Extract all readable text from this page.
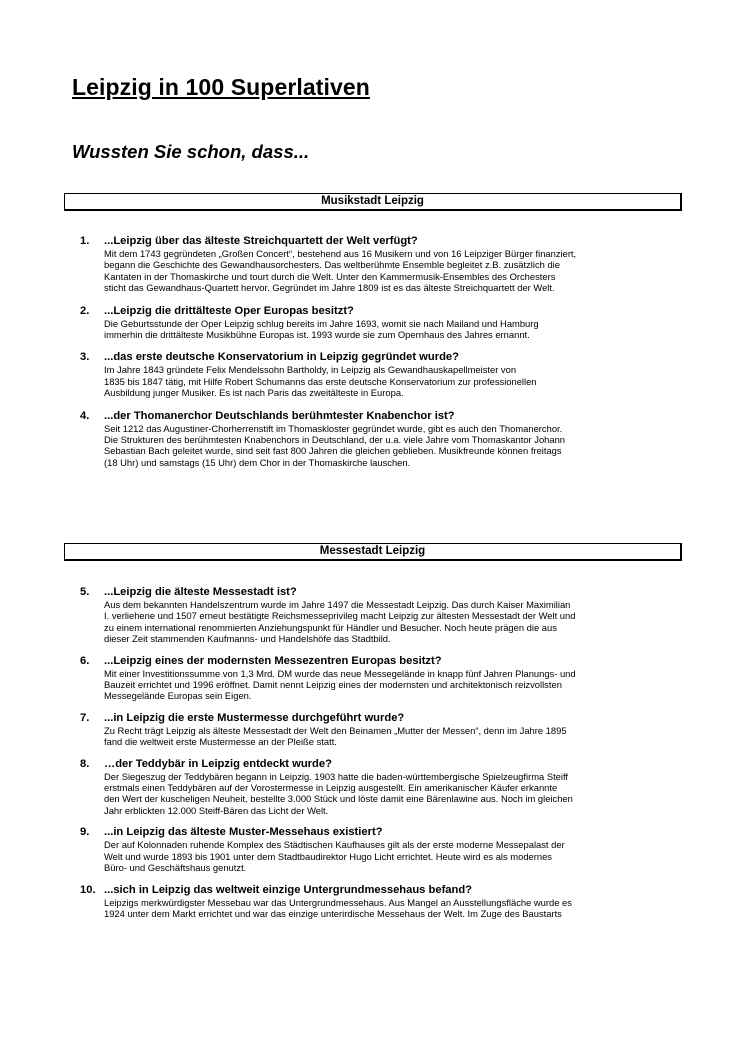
Leipzig in 100 Superlativen
Wussten Sie schon, dass...
Musikstadt Leipzig
1.	...Leipzig über das älteste Streichquartett der Welt verfügt?
Mit dem 1743 gegründeten „Großen Concert“, bestehend aus 16 Musikern und von 16 Leipziger Bürger finanziert,
begann die Geschichte des Gewandhausorchesters. Das weltberühmte Ensemble begleitet z.B. zusätzlich die
Kantaten in der Thomaskirche und tourt durch die Welt. Unter den Kammermusik-Ensembles des Orchesters
sticht das Gewandhaus-Quartett hervor. Gegründet im Jahre 1809 ist es das älteste Streichquartett der Welt.
2.	...Leipzig die drittälteste Oper Europas besitzt?
Die Geburtsstunde der Oper Leipzig schlug bereits im Jahre 1693, womit sie nach Mailand und Hamburg
immerhin die drittälteste Musikbühne Europas ist. 1993 wurde sie zum Opernhaus des Jahres ernannt.
3.	...das erste deutsche Konservatorium in Leipzig gegründet wurde?
Im Jahre 1843 gründete Felix Mendelssohn Bartholdy, in Leipzig als Gewandhauskapellmeister von
1835 bis 1847 tätig, mit Hilfe Robert Schumanns das erste deutsche Konservatorium zur professionellen
Ausbildung junger Musiker. Es ist nach Paris das zweitälteste in Europa.
4.	...der Thomanerchor Deutschlands berühmtester Knabenchor ist?
Seit 1212 das Augustiner-Chorherrenstift im Thomaskloster gegründet wurde, gibt es auch den Thomanerchor.
Die Strukturen des berühmtesten Knabenchors in Deutschland, der u.a. viele Jahre vom Thomaskantor Johann
Sebastian Bach geleitet wurde, sind seit fast 800 Jahren die gleichen geblieben. Musikfreunde können freitags
(18 Uhr) und samstags (15 Uhr) dem Chor in der Thomaskirche lauschen.
Messestadt Leipzig
5.	...Leipzig die älteste Messestadt ist?
Aus dem bekannten Handelszentrum wurde im Jahre 1497 die Messestadt Leipzig. Das durch Kaiser Maximilian
I. verliehene und 1507 erneut bestätigte Reichsmesseprivileg macht Leipzig zur ältesten Messestadt der Welt und
zu einem international renommierten Anziehungspunkt für Händler und Besucher. Noch heute prägen die aus
dieser Zeit stammenden Kaufmanns- und Handelshöfe das Stadtbild.
6.	...Leipzig eines der modernsten Messezentren Europas besitzt?
Mit einer Investitionssumme von 1,3 Mrd. DM wurde das neue Messegelände in knapp fünf Jahren Planungs- und
Bauzeit errichtet und 1996 eröffnet. Damit nennt Leipzig eines der modernsten und architektonisch reizvollsten
Messegelände Europas sein Eigen.
7.	...in Leipzig die erste Mustermesse durchgeführt wurde?
Zu Recht trägt Leipzig als älteste Messestadt der Welt den Beinamen „Mutter der Messen“, denn im Jahre 1895
fand die weltweit erste Mustermesse an der Pleiße statt.
8.	…der Teddybär in Leipzig entdeckt wurde?
Der Siegeszug der Teddybären begann in Leipzig. 1903 hatte die baden-württembergische Spielzeugfirma Steiff
erstmals einen Teddybären auf der Vorostermesse in Leipzig ausgestellt. Ein amerikanischer Käufer erkannte
den Wert der kuscheligen Neuheit, bestellte 3.000 Stück und löste damit eine Bärenlawine aus. Noch im gleichen
Jahr erblickten 12.000 Steiff-Bären das Licht der Welt.
9.	...in Leipzig das älteste Muster-Messehaus existiert?
Der auf Kolonnaden ruhende Komplex des Städtischen Kaufhauses gilt als der erste moderne Messepalast der
Welt und wurde 1893 bis 1901 unter dem Stadtbaudirektor Hugo Licht errichtet. Heute wird es als modernes
Büro- und Geschäftshaus genutzt.
10. ...sich in Leipzig das weltweit einzige Untergrundmessehaus befand?
Leipzigs merkwürdigster Messebau war das Untergrundmessehaus. Aus Mangel an Ausstellungsfläche wurde es
1924 unter dem Markt errichtet und war das einzige unterirdische Messehaus der Welt. Im Zuge des Baustarts
